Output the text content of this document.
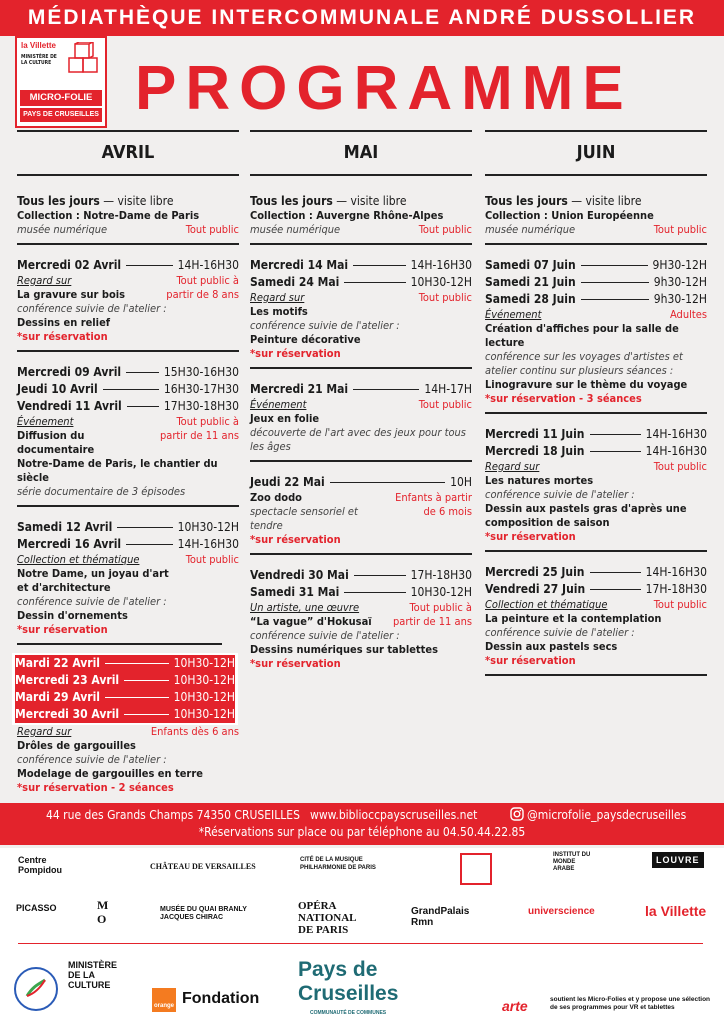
MÉDIATHÈQUE INTERCOMMUNALE ANDRÉ DUSSOLLIER
la Villette
MINISTÈRE DE LA CULTURE
MICRO-FOLIE
PAYS DE CRUSEILLES PROGRAMME
AVRIL
Tous les jours — visite libre
Collection : Notre-Dame de Paris
musée numérique	Tout public
Mercredi 02 Avril	14H-16H30
Tout public à partir de 8 ans
Regard sur
La gravure sur bois
conférence suivie de l'atelier :
Dessins en relief
*sur réservation
Mercredi 09 Avril	15H30-16H30
Jeudi 10 Avril	16H30-17H30
Vendredi 11 Avril	17H30-18H30
Tout public à partir de 11 ans
Événement
Diffusion du documentaire
Notre-Dame de Paris, le chantier du siècle
série documentaire de 3 épisodes
Samedi 12 Avril	10H30-12H
Mercredi 16 Avril	14H-16H30
Tout public
Collection et thématique
Notre Dame, un joyau d'art
et d'architecture
conférence suivie de l'atelier :
Dessin d'ornements
*sur réservation
Mardi 22 Avril	10H30-12H
Mercredi 23 Avril	10H30-12H
Mardi 29 Avril	10H30-12H
Mercredi 30 Avril	10H30-12H
Enfants dès 6 ans
Regard sur
Drôles de gargouilles
conférence suivie de l'atelier :
Modelage de gargouilles en terre
*sur réservation - 2 séances
MAI
Tous les jours — visite libre
Collection : Auvergne Rhône-Alpes
musée numérique	Tout public
Mercredi 14 Mai	14H-16H30
Samedi 24 Mai	10H30-12H
Tout public
Regard sur
Les motifs
conférence suivie de l'atelier :
Peinture décorative
*sur réservation
Mercredi 21 Mai	14H-17H
Tout public
Événement
Jeux en folie
découverte de l'art avec des jeux pour tous les âges
Jeudi 22 Mai	10H
Enfants à partir de 6 mois
Zoo dodo
spectacle sensoriel et tendre
*sur réservation
Vendredi 30 Mai	17H-18H30
Samedi 31 Mai	10H30-12H
Tout public à partir de 11 ans
Un artiste, une œuvre
“La vague” d'Hokusaï
conférence suivie de l'atelier :
Dessins numériques sur tablettes
*sur réservation
JUIN
Tous les jours — visite libre
Collection : Union Européenne
musée numérique	Tout public
Samedi 07 Juin	9H30-12H
Samedi 21 Juin	9h30-12H
Samedi 28 Juin	9h30-12H
Adultes
Événement
Création d'affiches pour la salle de lecture
conférence sur les voyages d'artistes et atelier continu sur plusieurs séances :
Linogravure sur le thème du voyage
*sur réservation - 3 séances
Mercredi 11 Juin	14H-16H30
Mercredi 18 Juin	14H-16H30
Tout public
Regard sur
Les natures mortes
conférence suivie de l'atelier :
Dessin aux pastels gras d'après une composition de saison
*sur réservation
Mercredi 25 Juin	14H-16H30
Vendredi 27 Juin	17H-18H30
Tout public
Collection et thématique
La peinture et la contemplation
conférence suivie de l'atelier :
Dessin aux pastels secs
*sur réservation
44 rue des Grands Champs 74350 CRUSEILLES www.biblioccpayscruseilles.net	@microfolie_paysdecruseilles
*Réservations sur place ou par téléphone au 04.50.44.22.85
Centre Pompidou	CHÂTEAU DE VERSAILLES
CITÉ DE LA MUSIQUE PHILHARMONIE DE PARIS
INSTITUT DU MONDE ARABE
LOUVRE
PICASSO	M O
MUSÉE DU QUAI BRANLY JACQUES CHIRAC
OPÉRA NATIONAL DE PARIS
GrandPalais Rmn
universcience	la Villette
MINISTÈRE DE LA CULTURE
orange Fondation
Pays de Cruseilles
COMMUNAUTÉ DE COMMUNES	arte	soutient les Micro-Folies et y propose une sélection de ses programmes pour VR et tablettes
